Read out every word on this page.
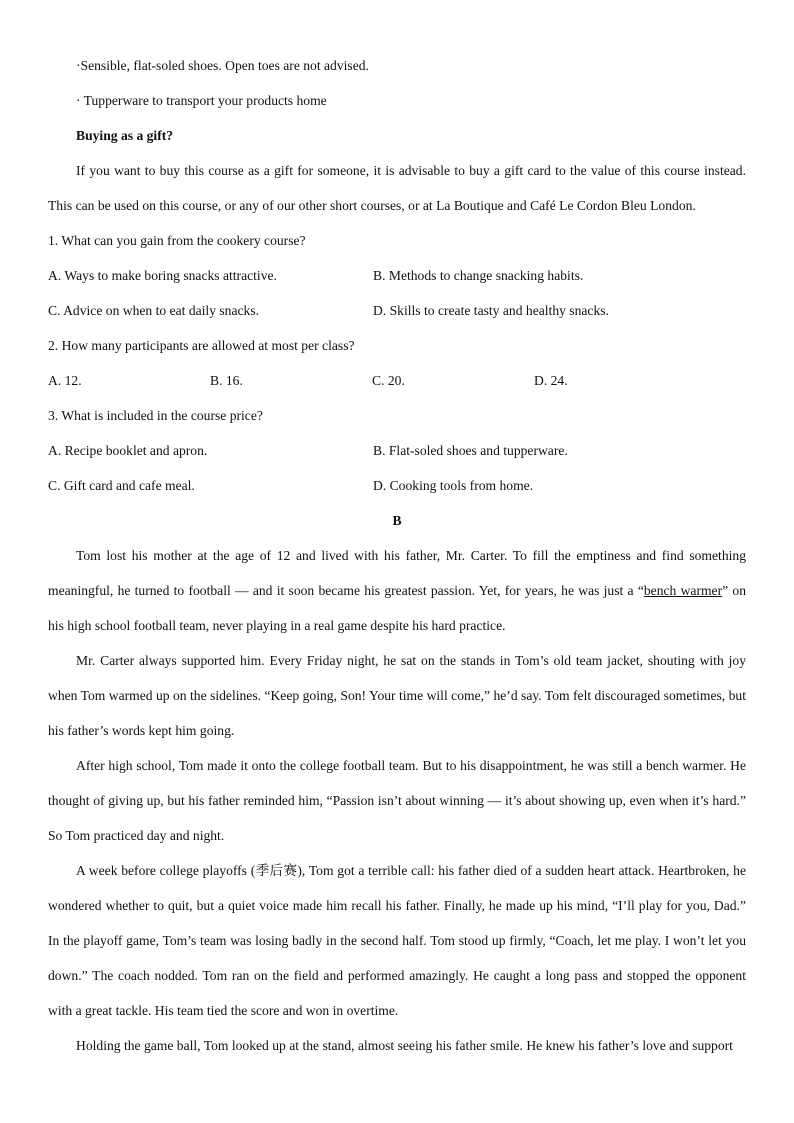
·Sensible, flat-soled shoes. Open toes are not advised.
· Tupperware to transport your products home
Buying as a gift?
If you want to buy this course as a gift for someone, it is advisable to buy a gift card to the value of this course instead. This can be used on this course, or any of our other short courses, or at La Boutique and Café Le Cordon Bleu London.
1. What can you gain from the cookery course?
A. Ways to make boring snacks attractive.	B. Methods to change snacking habits.
C. Advice on when to eat daily snacks.	D. Skills to create tasty and healthy snacks.
2. How many participants are allowed at most per class?
A. 12.	B. 16.	C. 20.	D. 24.
3. What is included in the course price?
A. Recipe booklet and apron.	B. Flat-soled shoes and tupperware.
C. Gift card and cafe meal.	D. Cooking tools from home.
B
Tom lost his mother at the age of 12 and lived with his father, Mr. Carter. To fill the emptiness and find something meaningful, he turned to football — and it soon became his greatest passion. Yet, for years, he was just a “bench warmer” on his high school football team, never playing in a real game despite his hard practice.
Mr. Carter always supported him. Every Friday night, he sat on the stands in Tom’s old team jacket, shouting with joy when Tom warmed up on the sidelines. “Keep going, Son! Your time will come,” he’d say. Tom felt discouraged sometimes, but his father’s words kept him going.
After high school, Tom made it onto the college football team. But to his disappointment, he was still a bench warmer. He thought of giving up, but his father reminded him, “Passion isn’t about winning — it’s about showing up, even when it’s hard.” So Tom practiced day and night.
A week before college playoffs (季后赛), Tom got a terrible call: his father died of a sudden heart attack. Heartbroken, he wondered whether to quit, but a quiet voice made him recall his father. Finally, he made up his mind, “I’ll play for you, Dad.” In the playoff game, Tom’s team was losing badly in the second half. Tom stood up firmly, “Coach, let me play. I won’t let you down.” The coach nodded. Tom ran on the field and performed amazingly. He caught a long pass and stopped the opponent with a great tackle. His team tied the score and won in overtime.
Holding the game ball, Tom looked up at the stand, almost seeing his father smile. He knew his father’s love and support
